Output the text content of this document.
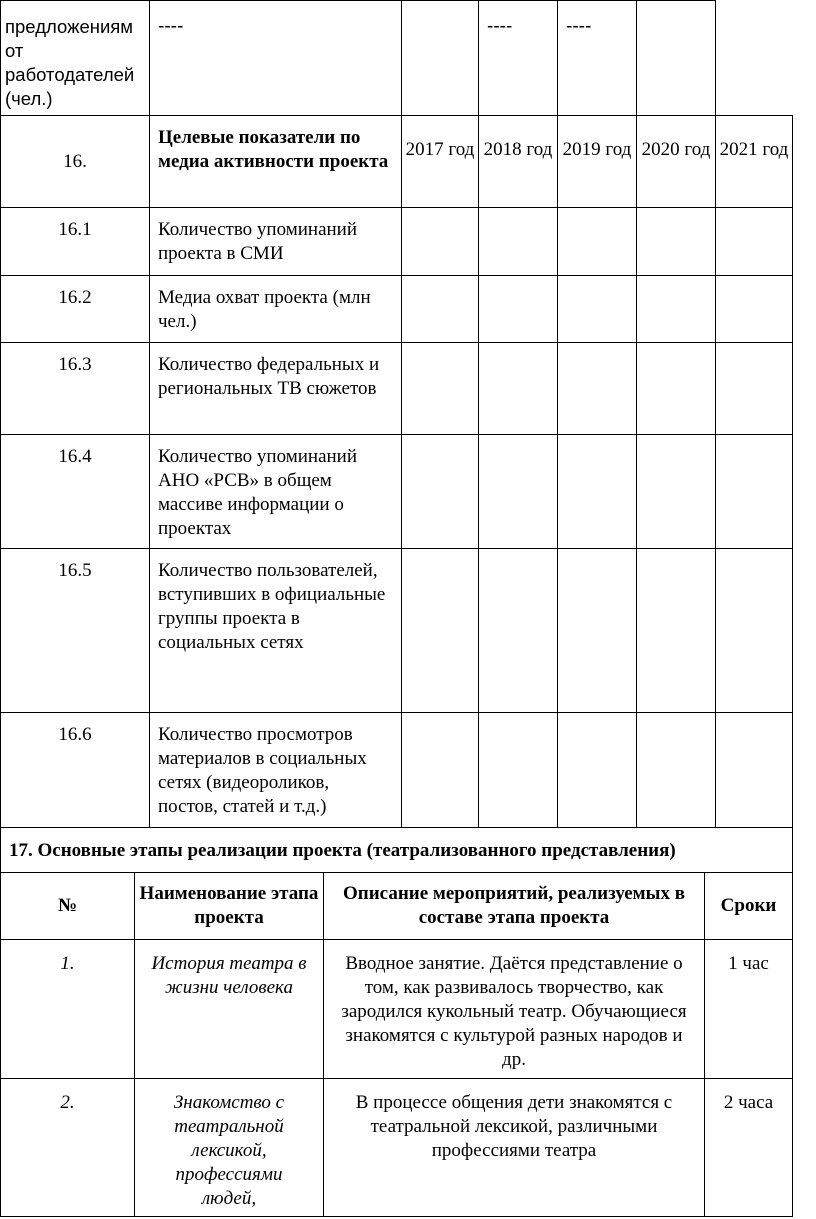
предложениям от работодателей (чел.)	----		----	----		
16.	Целевые показатели по медиа активности проекта	2017 год	2018 год	2019 год	2020 год	2021 год
16.1	Количество упоминаний проекта в СМИ					
16.2	Медиа охват проекта (млн чел.)					
16.3	Количество федеральных и региональных ТВ сюжетов					
16.4	Количество упоминаний АНО «РСВ» в общем массиве информации о проектах					
16.5	Количество пользователей, вступивших в официальные группы проекта в социальных сетях					
16.6	Количество просмотров материалов в социальных сетях (видеороликов, постов, статей и т.д.)					
17. Основные этапы реализации проекта (театрализованного представления)			
№	Наименование этапа проекта	Описание мероприятий, реализуемых в составе этапа проекта	Сроки
1.	История театра в жизни человека	Вводное занятие. Даётся представление о том, как развивалось творчество, как зародился кукольный театр. Обучающиеся знакомятся с культурой разных народов и др.	1 час
2.	Знакомство с театральной лексикой, профессиями людей,	В процессе общения дети знакомятся с театральной лексикой, различными профессиями театра	2 часа
